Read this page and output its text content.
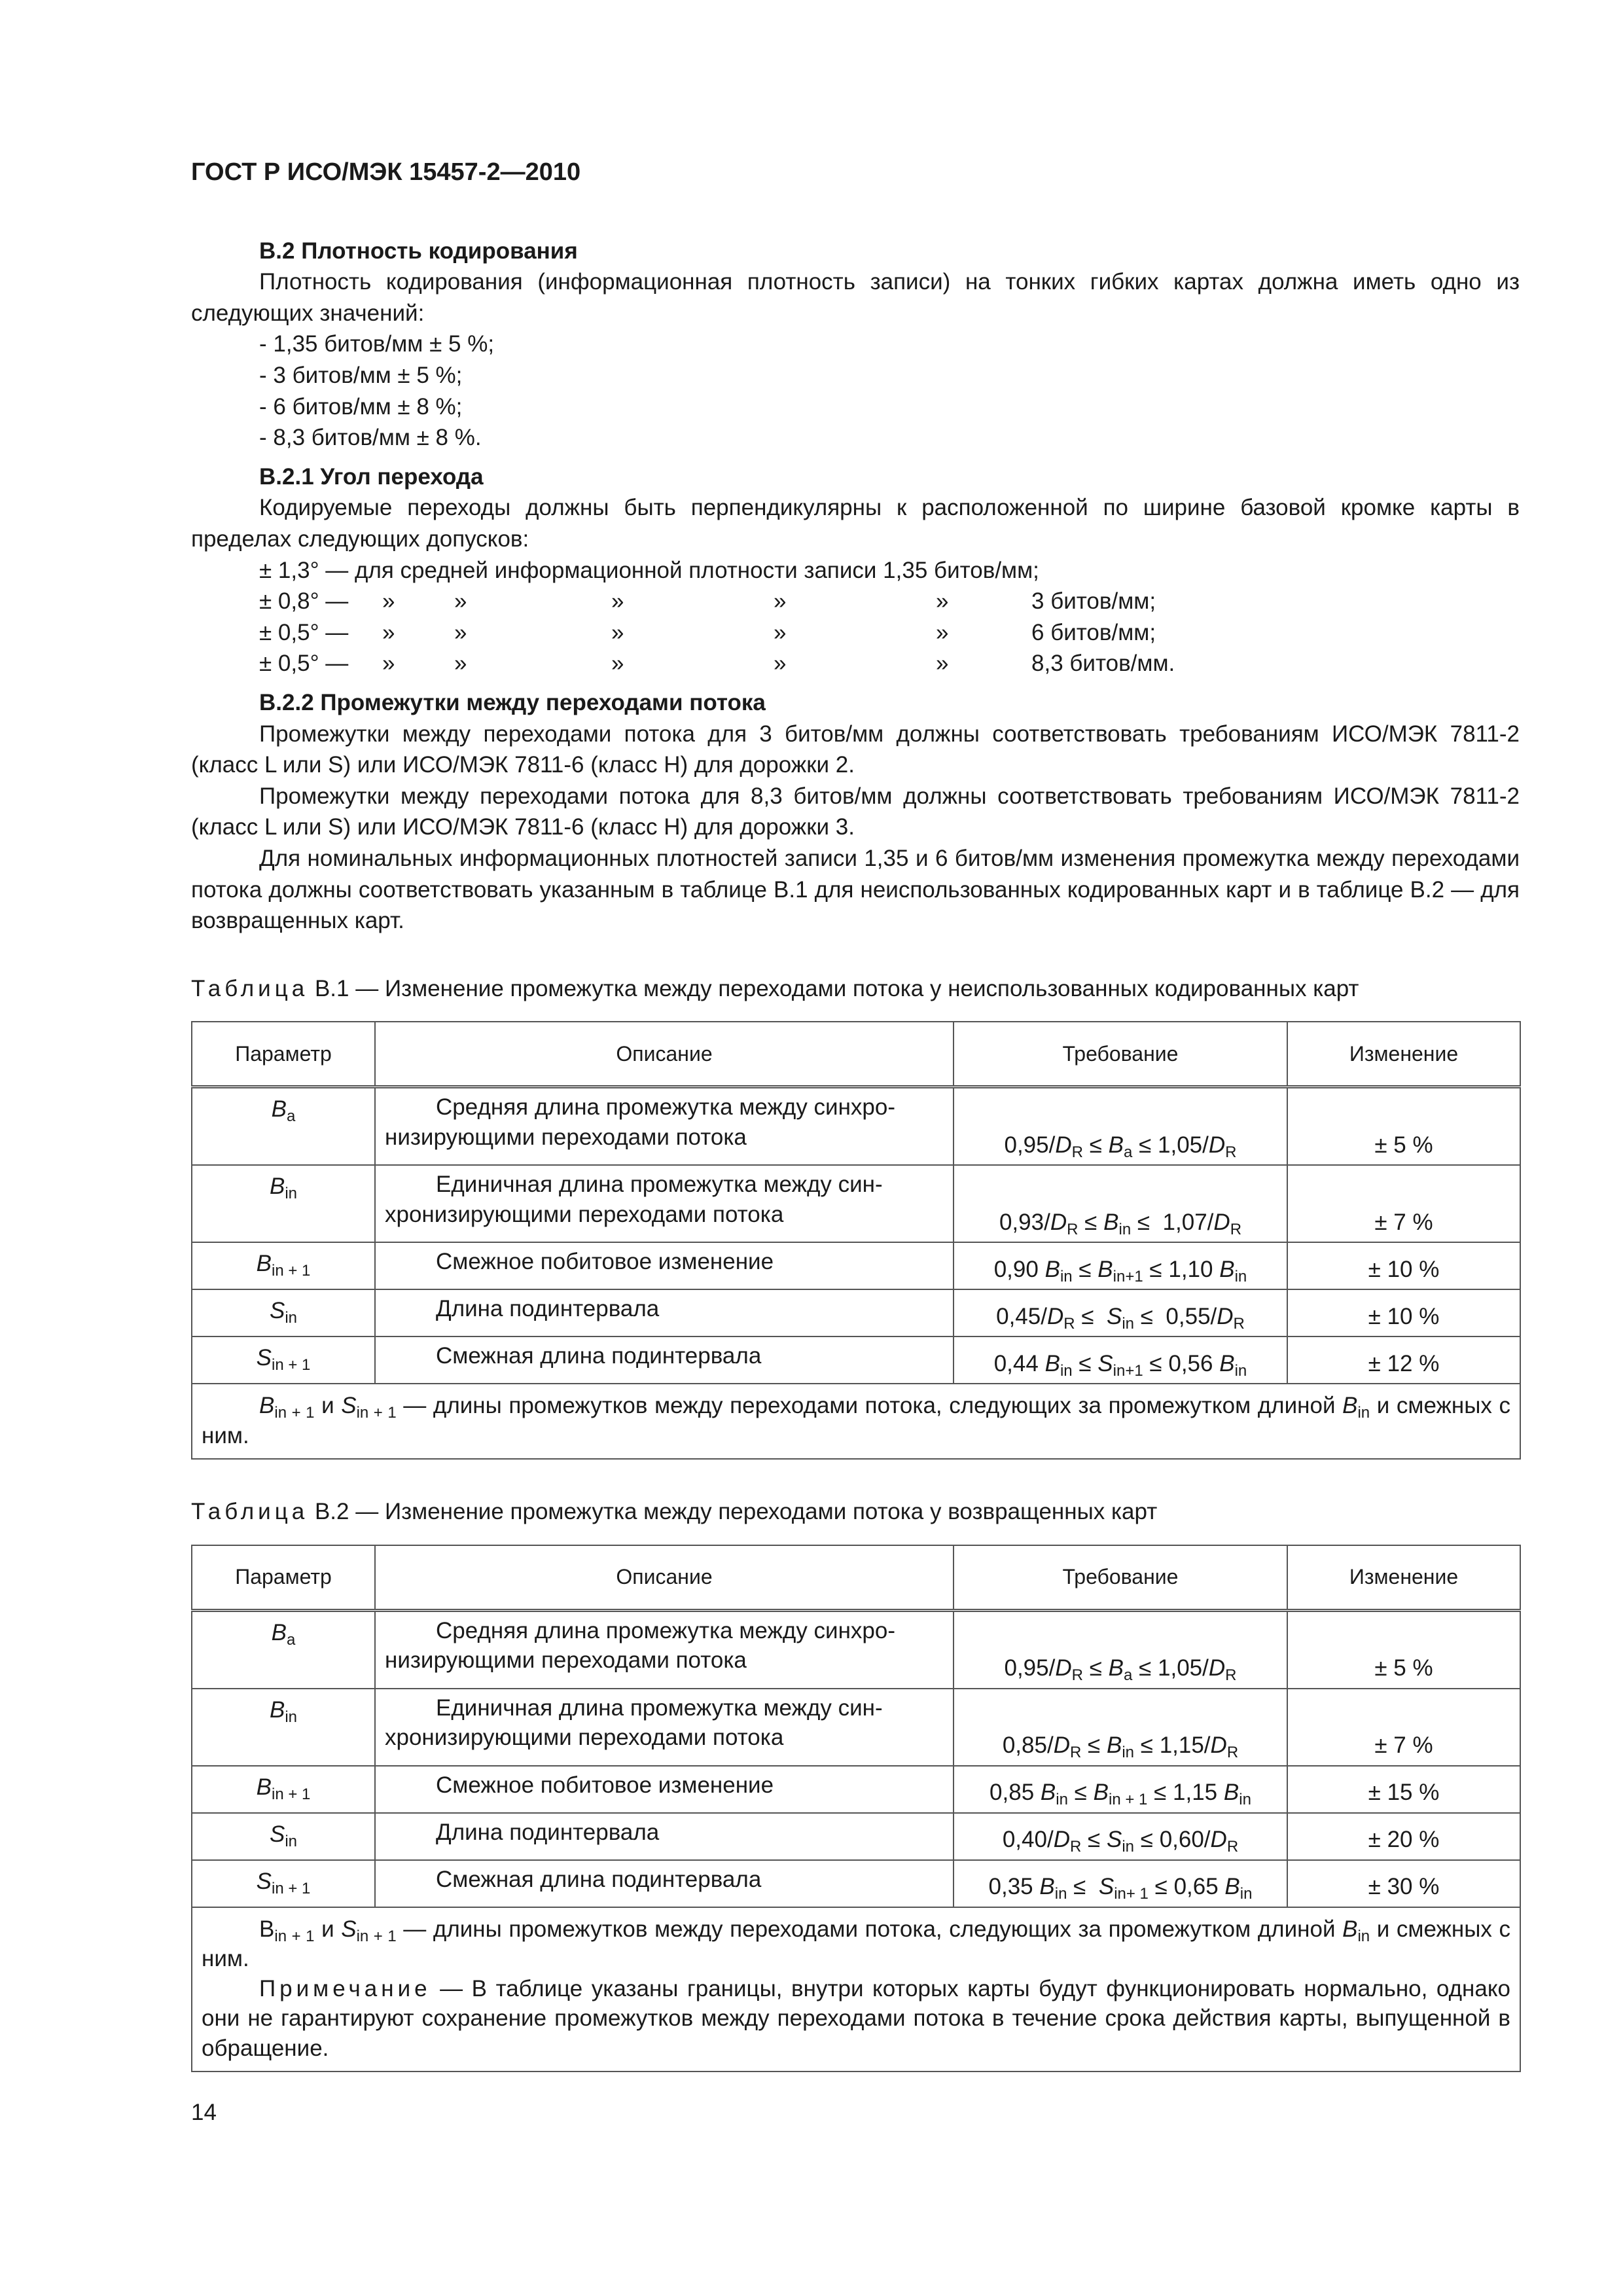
ГОСТ Р ИСО/МЭК 15457-2—2010
В.2 Плотность кодирования

Плотность кодирования (информационная плотность записи) на тонких гибких картах должна иметь одно из следующих значений:

- 1,35 битов/мм ± 5 %;
- 3 битов/мм ± 5 %;
- 6 битов/мм ± 8 %;
- 8,3 битов/мм ± 8 %.
В.2.1 Угол перехода

Кодируемые переходы должны быть перпендикулярны к расположенной по ширине базовой кромке карты в пределах следующих допусков:

± 1,3° — для средней информационной плотности записи 1,35 битов/мм;
± 0,8° —	»	»	»	»	»	3 битов/мм;
± 0,5° —	»	»	»	»	»	6 битов/мм;
± 0,5° —	»	»	»	»	»	8,3 битов/мм.
В.2.2 Промежутки между переходами потока

Промежутки между переходами потока для 3 битов/мм должны соответствовать требованиям ИСО/МЭК 7811-2 (класс L или S) или ИСО/МЭК 7811-6 (класс Н) для дорожки 2.

Промежутки между переходами потока для 8,3 битов/мм должны соответствовать требованиям ИСО/МЭК 7811-2 (класс L или S) или ИСО/МЭК 7811-6 (класс Н) для дорожки 3.

Для номинальных информационных плотностей записи 1,35 и 6 битов/мм изменения промежутка между переходами потока должны соответствовать указанным в таблице В.1 для неиспользованных кодированных карт и в таблице В.2 — для возвращенных карт.

Таблица В.1 — Изменение промежутка между переходами потока у неиспользованных кодированных карт
Параметр	Описание	Требование	Изменение
$B_a$	Средняя длина промежутка между синхро-
низирующими переходами потока	$0,95/D_R \le B_a \le 1,05/D_R$	± 5 %
$B_{in}$	Единичная длина промежутка между син-
хронизирующими переходами потока	$0,93/D_R \le B_{in} \le 1,07/D_R$	± 7 %
$B_{in + 1}$	Смежное побитовое изменение	0,90 $B_{in} \le B_{in+1} \le 1,10$ $B_{in}$	± 10 %
$S_{in}$	Длина подинтервала	$0,45/D_R \le S_{in} \le 0,55/D_R$	± 10 %
$S_{in + 1}$	Смежная длина подинтервала	0,44 $B_{in} \le S_{in+1} \le 0,56$ $B_{in}$	± 12 %

$B_{in + 1}$ и $S_{in + 1}$ — длины промежутков между переходами потока, следующих за промежутком длиной $B_{in}$ и смежных с ним.			
Таблица В.2 — Изменение промежутка между переходами потока у возвращенных карт
Параметр	Описание	Требование	Изменение
$B_a$	Средняя длина промежутка между синхро-
низирующими переходами потока	$0,95/D_R \le B_a \le 1,05/D_R$	± 5 %
$B_{in}$	Единичная длина промежутка между син-
хронизирующими переходами потока	$0,85/D_R \le B_{in} \le 1,15/D_R$	± 7 %
$B_{in + 1}$	Смежное побитовое изменение	0,85 $B_{in} \le B_{in + 1} \le 1,15$ $B_{in}$	± 15 %
$S_{in}$	Длина подинтервала	$0,40/D_R \le S_{in} \le 0,60/D_R$	± 20 %
$S_{in + 1}$	Смежная длина подинтервала	0,35 $B_{in} \le S_{in+ 1} \le 0,65$ $B_{in}$	± 30 %

$B_{in + 1}$ и $S_{in + 1}$ — длины промежутков между переходами потока, следующих за промежутком длиной $B_{in}$ и смежных с ним.
Примечание — В таблице указаны границы, внутри которых карты будут функционировать нормально, однако они не гарантируют сохранение промежутков между переходами потока в течение срока действия карты, выпущенной в обращение.			
14
